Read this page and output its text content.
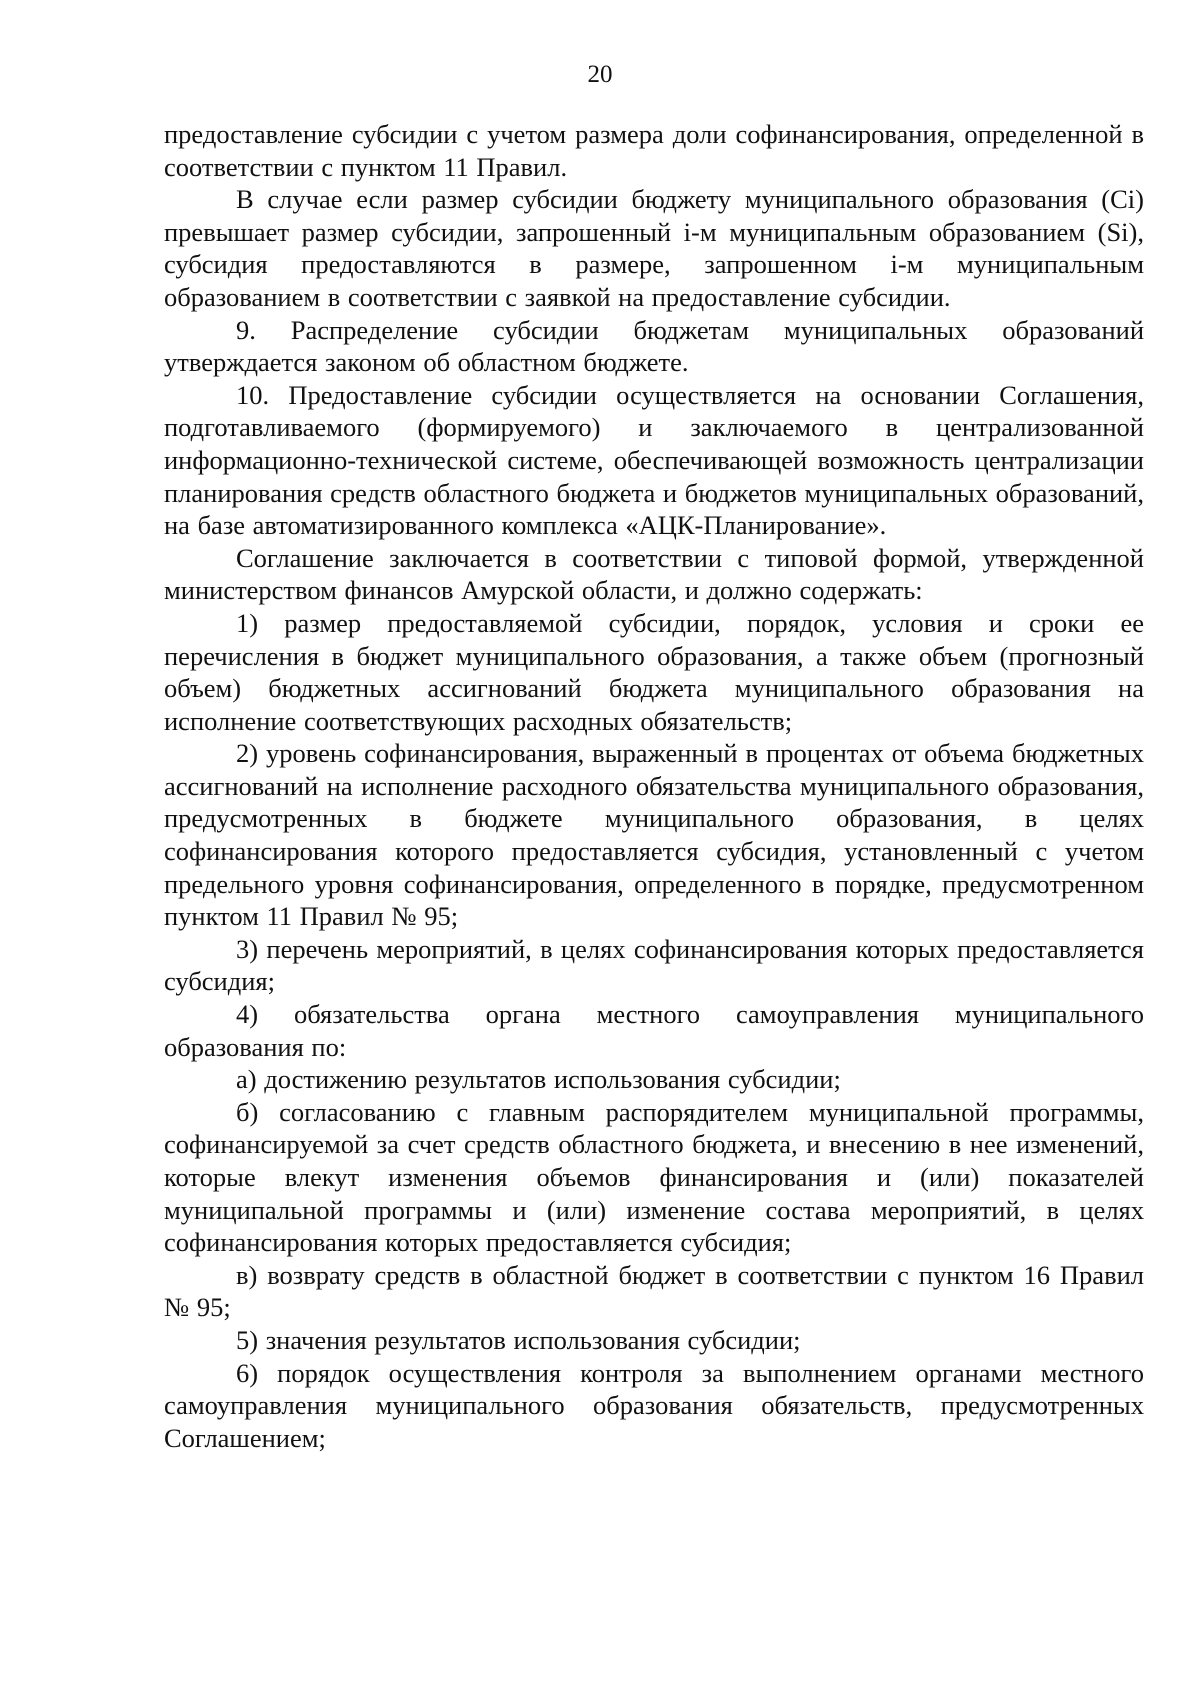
20

предоставление субсидии с учетом размера доли софинансирования, определенной в соответствии с пунктом 11 Правил.

В случае если размер субсидии бюджету муниципального образования (Ci) превышает размер субсидии, запрошенный i-м муниципальным образованием (Si), субсидия предоставляются в размере, запрошенном i-м муниципальным образованием в соответствии с заявкой на предоставление субсидии.

9. Распределение субсидии бюджетам муниципальных образований утверждается законом об областном бюджете.

10. Предоставление субсидии осуществляется на основании Соглашения, подготавливаемого (формируемого) и заключаемого в централизованной информационно-технической системе, обеспечивающей возможность централизации планирования средств областного бюджета и бюджетов муниципальных образований, на базе автоматизированного комплекса «АЦК-Планирование».

Соглашение заключается в соответствии с типовой формой, утвержденной министерством финансов Амурской области, и должно содержать:

1) размер предоставляемой субсидии, порядок, условия и сроки ее перечисления в бюджет муниципального образования, а также объем (прогнозный объем) бюджетных ассигнований бюджета муниципального образования на исполнение соответствующих расходных обязательств;

2) уровень софинансирования, выраженный в процентах от объема бюджетных ассигнований на исполнение расходного обязательства муниципального образования, предусмотренных в бюджете муниципального образования, в целях софинансирования которого предоставляется субсидия, установленный с учетом предельного уровня софинансирования, определенного в порядке, предусмотренном пунктом 11 Правил № 95;

3) перечень мероприятий, в целях софинансирования которых предоставляется субсидия;

4) обязательства органа местного самоуправления муниципального образования по:

а) достижению результатов использования субсидии;

б) согласованию с главным распорядителем муниципальной программы, софинансируемой за счет средств областного бюджета, и внесению в нее изменений, которые влекут изменения объемов финансирования и (или) показателей муниципальной программы и (или) изменение состава мероприятий, в целях софинансирования которых предоставляется субсидия;

в) возврату средств в областной бюджет в соответствии с пунктом 16 Правил № 95;

5) значения результатов использования субсидии;

6) порядок осуществления контроля за выполнением органами местного самоуправления муниципального образования обязательств, предусмотренных Соглашением;
